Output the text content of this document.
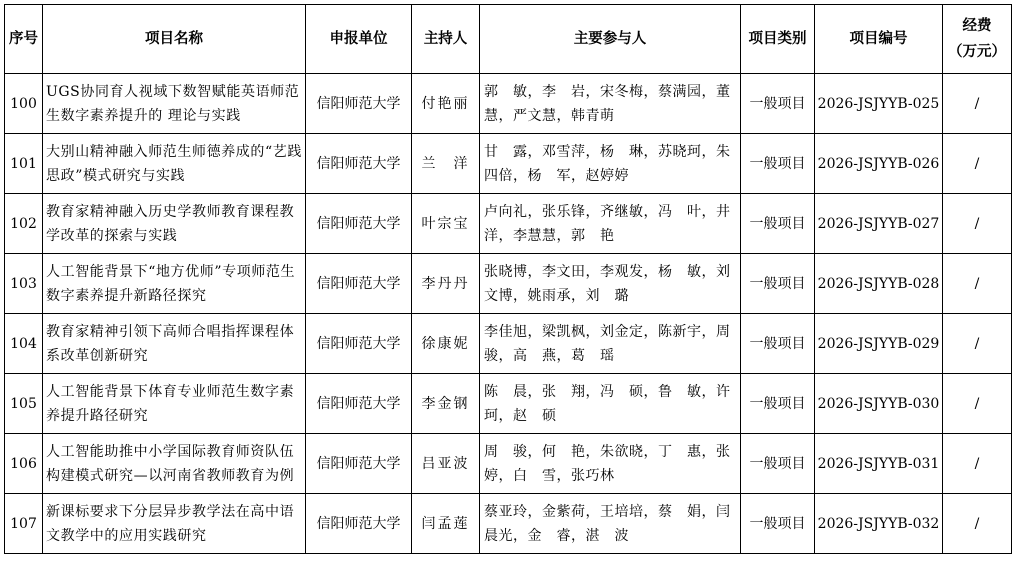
序号	项目名称	申报单位	主持人	主要参与人	项目类别	项目编号	经费
（万元）

100	UGS协同育人视域下数智赋能英语师范生数字素养提升的 理论与实践	信阳师范大学	付艳丽	郭　敏，李　岩，宋冬梅，蔡满园，董　慧，严文慧，韩青萌	一般项目	2026-JSJYYB-025	/
101	大别山精神融入师范生师德养成的“艺践思政”模式研究与实践	信阳师范大学	兰　洋	甘　露，邓雪萍，杨　琳，苏晓珂，朱四倍，杨　军，赵婷婷	一般项目	2026-JSJYYB-026	/
102	教育家精神融入历史学教师教育课程教学改革的探索与实践	信阳师范大学	叶宗宝	卢向礼，张乐锋，齐继敏，冯　叶，井　洋，李慧慧，郭　艳	一般项目	2026-JSJYYB-027	/
103	人工智能背景下“地方优师”专项师范生数字素养提升新路径探究	信阳师范大学	李丹丹	张晓博，李文田，李观发，杨　敏，刘文博，姚雨承，刘　璐	一般项目	2026-JSJYYB-028	/
104	教育家精神引领下高师合唱指挥课程体系改革创新研究	信阳师范大学	徐康妮	李佳旭，梁凯枫，刘金定，陈新宇，周　骏，高　燕，葛　瑶	一般项目	2026-JSJYYB-029	/
105	人工智能背景下体育专业师范生数字素养提升路径研究	信阳师范大学	李金钢	陈　晨，张　翔，冯　硕，鲁　敏，许　珂，赵　硕	一般项目	2026-JSJYYB-030	/
106	人工智能助推中小学国际教育师资队伍构建模式研究—以河南省教师教育为例	信阳师范大学	吕亚波	周　骏，何　艳，朱欲晓，丁　惠，张　婷，白　雪，张巧林	一般项目	2026-JSJYYB-031	/
107	新课标要求下分层异步教学法在高中语文教学中的应用实践研究	信阳师范大学	闫孟莲	蔡亚玲，金紫荷，王培培，蔡　娟，闫晨光，金　睿，湛　波	一般项目	2026-JSJYYB-032	/
